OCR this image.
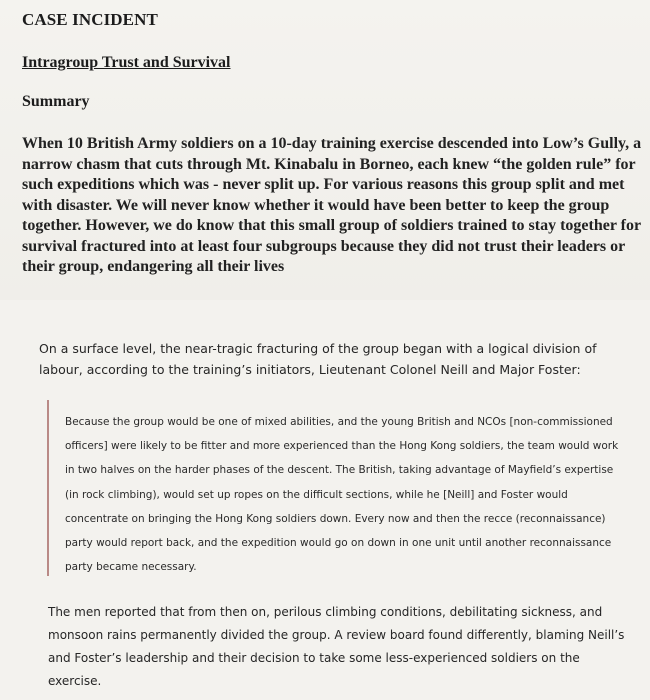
CASE INCIDENT
Intragroup Trust and Survival
Summary

When 10 British Army soldiers on a 10-day training exercise descended into Low’s Gully, a narrow chasm that cuts through Mt. Kinabalu in Borneo, each knew “the golden rule” for such expeditions which was - never split up. For various reasons this group split and met with disaster. We will never know whether it would have been better to keep the group together. However, we do know that this small group of soldiers trained to stay together for survival fractured into at least four subgroups because they did not trust their leaders or their group, endangering all their lives

On a surface level, the near-tragic fracturing of the group began with a logical division of labour, according to the training’s initiators, Lieutenant Colonel Neill and Major Foster:

Because the group would be one of mixed abilities, and the young British and NCOs [non-commissioned officers] were likely to be fitter and more experienced than the Hong Kong soldiers, the team would work in two halves on the harder phases of the descent. The British, taking advantage of Mayfield’s expertise (in rock climbing), would set up ropes on the difficult sections, while he [Neill] and Foster would concentrate on bringing the Hong Kong soldiers down. Every now and then the recce (reconnaissance) party would report back, and the expedition would go on down in one unit until another reconnaissance party became necessary.

The men reported that from then on, perilous climbing conditions, debilitating sickness, and monsoon rains permanently divided the group. A review board found differently, blaming Neill’s and Foster’s leadership and their decision to take some less-experienced soldiers on the exercise.
